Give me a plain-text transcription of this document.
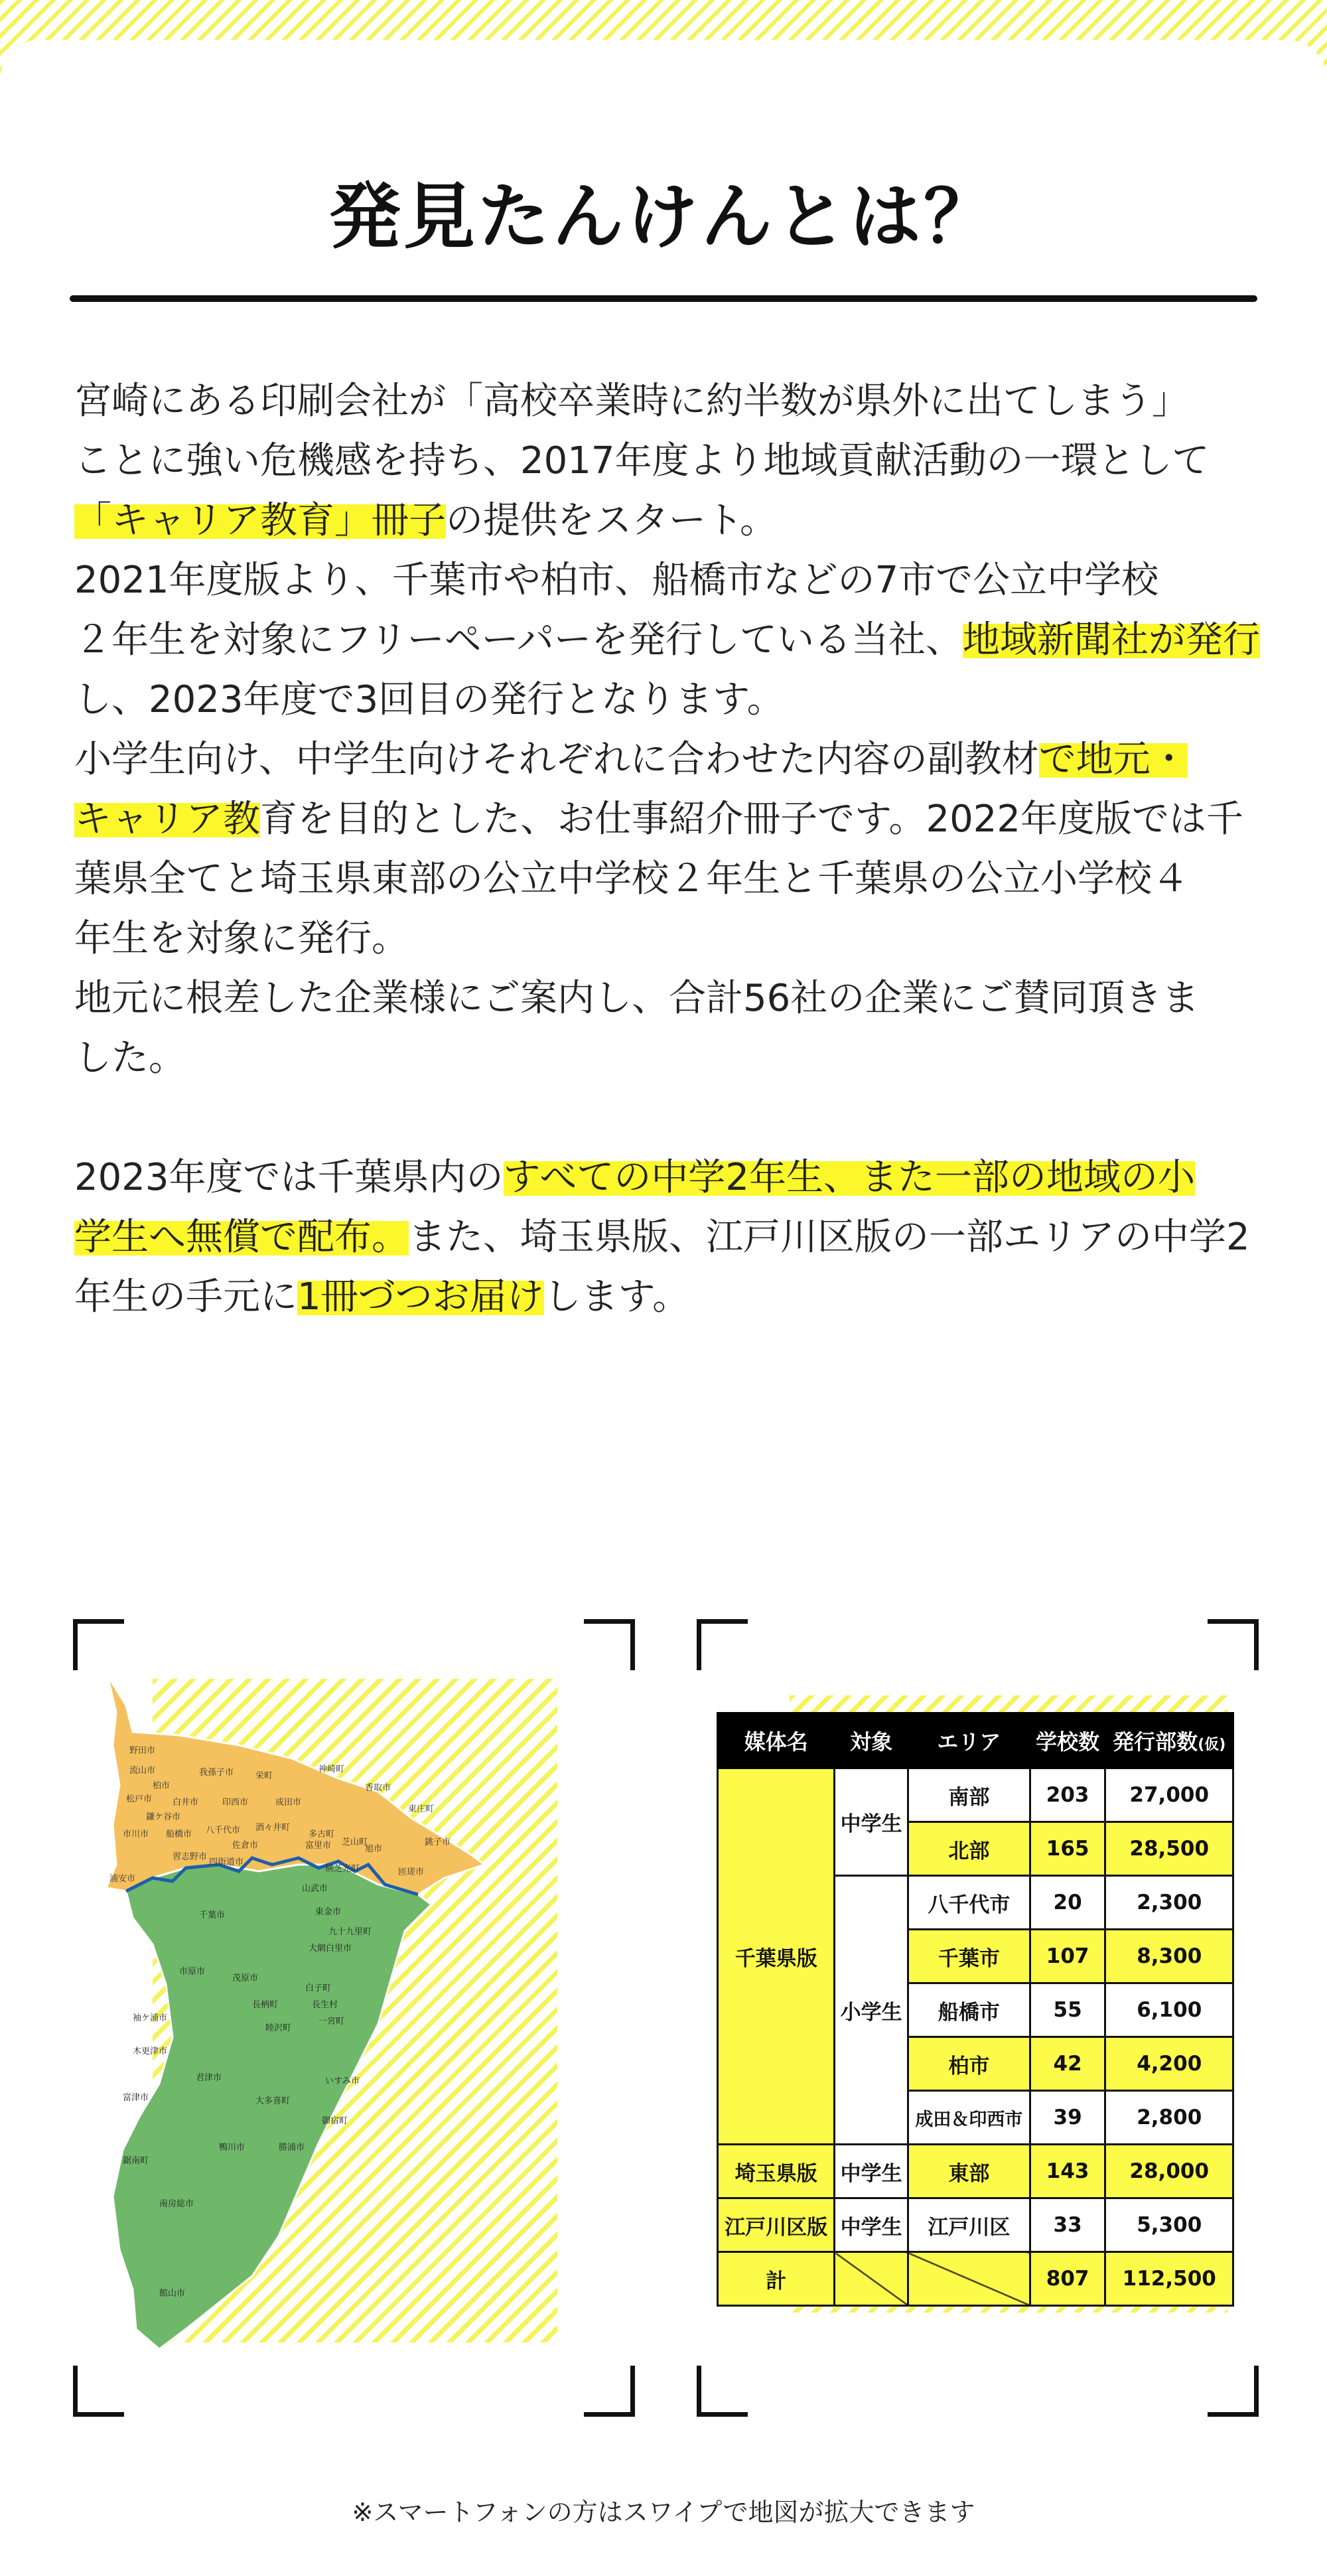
発見たんけんとは？

宮崎にある印刷会社が「高校卒業時に約半数が県外に出てしまう」

ことに強い危機感を持ち、2017年度より地域貢献活動の一環として

「キャリア教育」冊子の提供をスタート。

2021年度版より、千葉市や柏市、船橋市などの7市で公立中学校

２年生を対象にフリーペーパーを発行している当社、地域新聞社が発行

し、2023年度で3回目の発行となります。

小学生向け、中学生向けそれぞれに合わせた内容の副教材で地元・

キャリア教育を目的とした、お仕事紹介冊子です。2022年度版では千

葉県全てと埼玉県東部の公立中学校２年生と千葉県の公立小学校４

年生を対象に発行。

地元に根差した企業様にご案内し、合計56社の企業にご賛同頂きま

した。

2023年度では千葉県内のすべての中学2年生、また一部の地域の小

学生へ無償で配布。また、埼玉県版、江戸川区版の一部エリアの中学2

年生の手元に1冊づつお届けします。

野田市
流山市
柏市
我孫子市	栄町
神崎町
香取市
東庄町
松戸市 白井市	印西市	成田市
鎌ケ谷市
多古町
旭市
銚子市
市川市 船橋市 八千代市 酒々井町
富里市 芝山町
匝瑳市
浦安市
習志野市
佐倉市
四街道市
横芝光町
千葉市
山武市
東金市
九十九里町
大網白里市
市原市
茂原市
白子町
長生村
長柄町
一宮町
睦沢町
袖ケ浦市
木更津市
いすみ市
君津市
大多喜町
御宿町
富津市
鴨川市	勝浦市
鋸南町
南房総市
館山市
媒体名	対象	エリア	学校数	発行部数(仮)
千葉県版	中学生	南部	203	27,000
		北部	165	28,500
	小学生	八千代市	20	2,300
		千葉市	107	8,300
		船橋市	55	6,100
		柏市	42	4,200
		成田＆印西市	39	2,800
埼玉県版	中学生	東部	143	28,000
江戸川区版	中学生	江戸川区	33	5,300
計			807	112,500
※スマートフォンの方はスワイプで地図が拡大できます
